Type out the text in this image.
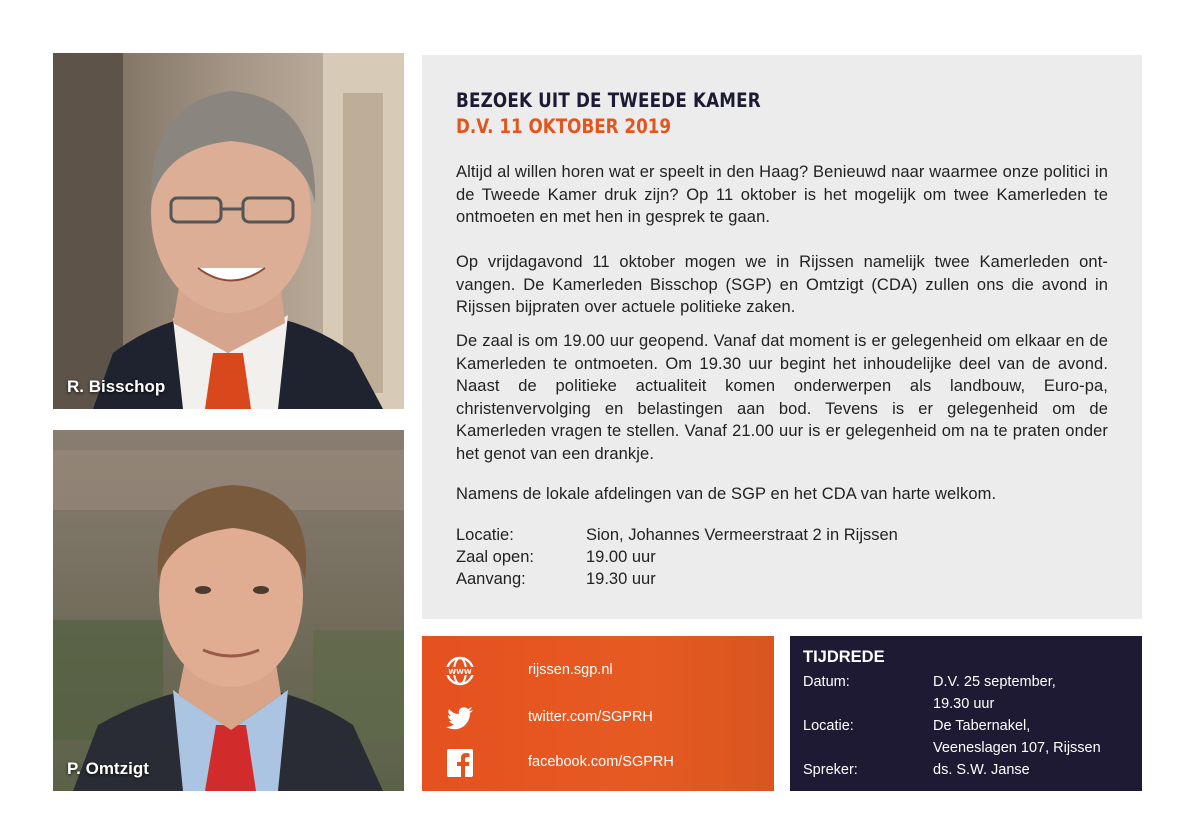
R. Bisschop
P. Omtzigt
BEZOEK UIT DE TWEEDE KAMER
D.V. 11 OKTOBER 2019
Altijd al willen horen wat er speelt in den Haag? Benieuwd naar waarmee onze politici in de Tweede Kamer druk zijn? Op 11 oktober is het mogelijk om twee Kamerleden te ontmoeten en met hen in gesprek te gaan.
Op vrijdagavond 11 oktober mogen we in Rijssen namelijk twee Kamerleden ont-vangen. De Kamerleden Bisschop (SGP) en Omtzigt (CDA) zullen ons die avond in Rijssen bijpraten over actuele politieke zaken.
De zaal is om 19.00 uur geopend. Vanaf dat moment is er gelegenheid om elkaar en de Kamerleden te ontmoeten. Om 19.30 uur begint het inhoudelijke deel van de avond. Naast de politieke actualiteit komen onderwerpen als landbouw, Euro-pa, christenvervolging en belastingen aan bod. Tevens is er gelegenheid om de Kamerleden vragen te stellen. Vanaf 21.00 uur is er gelegenheid om na te praten onder het genot van een drankje.
Namens de lokale afdelingen van de SGP en het CDA van harte welkom.
Locatie:	Sion, Johannes Vermeerstraat 2 in Rijssen
Zaal open:	19.00 uur
Aanvang:	19.30 uur
WWW	rijssen.sgp.nl
twitter.com/SGPRH
facebook.com/SGPRH
TIJDREDE
Datum:	D.V. 25 september,
19.30 uur
Locatie:	De Tabernakel,
Veeneslagen 107, Rijssen
Spreker:	ds. S.W. Janse
